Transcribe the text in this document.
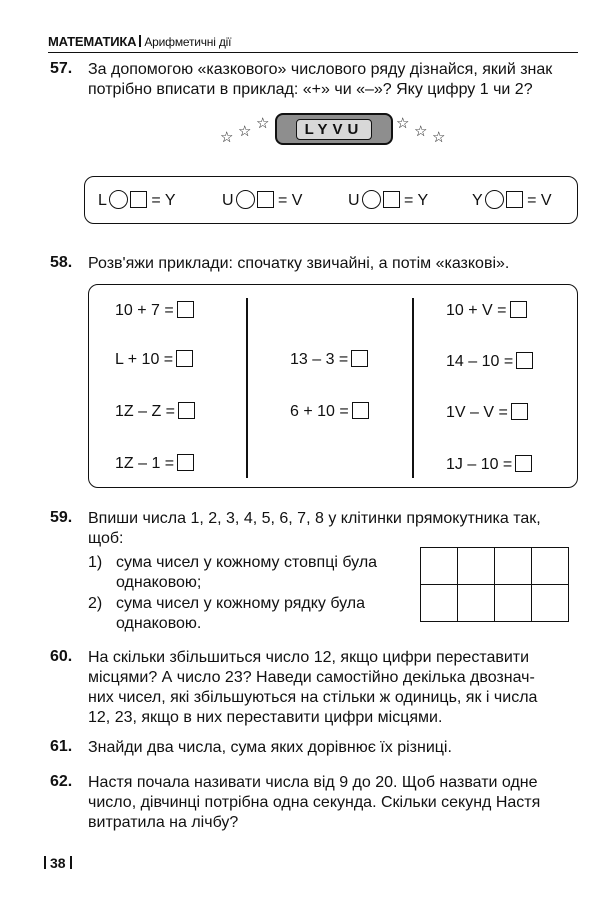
МАТЕМАТИКА Арифметичні дії
57. За допомогою «казкового» числового ряду дізнайся, який знак
потрібно вписати в приклад: «+» чи «–»? Яку цифру 1 чи 2?
☆ ☆ ☆	LYVU	☆ ☆ ☆
L	= Y	U	= V	U	= Y	Y	= V
58. Розв'яжи приклади: спочатку звичайні, а потім «казкові».
10 + 7 =
L + 10 =
1Z – Z =
1Z – 1 =
13 – 3 =
6 + 10 =
10 + V =
14 – 10 =
1V – V =
1J – 10 =
59. Впиши числа 1, 2, 3, 4, 5, 6, 7, 8 у клітинки прямокутника так,
щоб:
1) сума чисел у кожному стовпці була
однаковою;
2) сума чисел у кожному рядку була
однаковою.

60. На скільки збільшиться число 12, якщо цифри переставити
місцями? А число 23? Наведи самостійно декілька двознач-
них чисел, які збільшуються на стільки ж одиниць, як і числа
12, 23, якщо в них переставити цифри місцями.
61. Знайди два числа, сума яких дорівнює їх різниці.
62. Настя почала називати числа від 9 до 20. Щоб назвати одне
число, дівчинці потрібна одна секунда. Скільки секунд Настя
витратила на лічбу?
38
